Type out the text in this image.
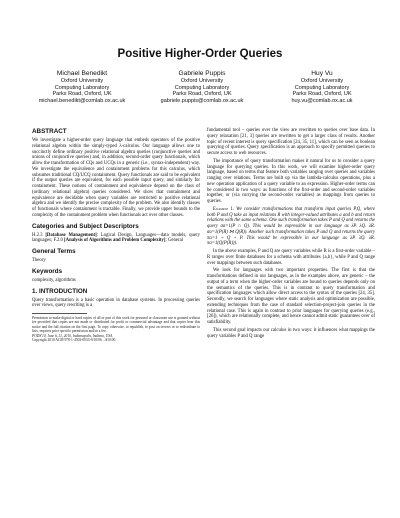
Positive Higher-Order Queries
Michael Benedikt
Oxford University
Computing Laboratory
Parks Road, Oxford, UK
michael.benedikt@comlab.ox.ac.uk
Gabriele Puppis
Oxford University
Computing Laboratory
Parks Road, Oxford, UK
gabriele.puppis@comlab.ox.ac.uk
Huy Vu
Oxford University
Computing Laboratory
Parks Road, Oxford, UK
huy.vu@comlab.ox.ac.uk
ABSTRACT
We investigate a higher-order query language that embeds operators of the positive relational algebra within the simply-typed λ-calculus. Our language allows one to succinctly define ordinary positive relational algebra queries (conjunctive queries and unions of conjunctive queries) and, in addition, second-order query functionals, which allow the transformation of CQs and UCQs in a generic (i.e., syntax-independent) way. We investigate the equivalence and containment problems for this calculus, which subsumes traditional CQ/UCQ containment. Query functionals are said to be equivalent if the output queries are equivalent, for each possible input query, and similarly for containment. These notions of containment and equivalence depend on the class of (ordinary relational algebra) queries considered. We show that containment and equivalence are decidable when query variables are restricted to positive relational algebra and we identify the precise complexity of the problem. We also identify classes of functionals where containment is tractable. Finally, we provide upper bounds to the complexity of the containment problem when functionals act over other classes.
Categories and Subject Descriptors
H.2.3 [Database Management]: Logical Design, Languages—data models, query languages; F.2.0 [Analysis of Algorithms and Problem Complexity]: General
General Terms
Theory
Keywords
complexity, algorithms
1. INTRODUCTION
Query transformation is a basic operation in database systems. In processing queries over views, query rewriting is a
Permission to make digital or hard copies of all or part of this work for personal or classroom use is granted without fee provided that copies are not made or distributed for profit or commercial advantage and that copies bear this notice and the full citation on the first page. To copy otherwise, to republish, to post on servers or to redistribute to lists, requires prior specific permission and/or a fee.
PODS'10, June 6–11, 2010, Indianapolis, Indiana, USA.
Copyright 2010 ACM 978-1-4503-0033-9/10/06 ...$10.00.
fundamental tool – queries over the view are rewritten to queries over base data. In query relaxation [21, 3] queries are rewritten to get a larger class of results. Another topic of recent interest is query specification [24, 35, 11], which can be seen as boolean querying of queries. Query specification is an approach to specify permitted queries to secure access to web resources.
The importance of query transformation makes it natural for us to consider a query language for querying queries. In this work, we will examine higher-order query language, based on terms that feature both variables ranging over queries and variables ranging over relations. Terms are built up via the lambda-calculus operations, plus a new operation application of a query variable to an expression. Higher-order terms can be considered in two ways: as functions of the first-order and second-order variables together, or (via currying the second-order variables) as mappings from queries to queries.
Example 1. We consider transformations that transform input queries P,Q, where both P and Q take as input relations R with integer-valued attributes a and b and return relations with the same schema. One such transformation takes P and Q and returns the query σa=1(P ∩ Q). This would be expressible in our language as λP. λQ. λR. σa=1(P(R) ⋈ Q(R)). Another such transformation takes P and Q and returns the query πa=1 ∘ Q ∘ P. This would be expressible in our language as λP. λQ. λR. πa=1(Q(P(R))).
In the above examples, P and Q are query variables while R is a first-order variable – R ranges over finite databases for a schema with attributes {a,b}, while P and Q range over mappings between such databases.
We look for languages with two important properties. The first is that the transformations defined in our languages, as in the examples above, are generic – the output of a term when the higher-order variables are bound to queries depends only on the semantics of the queries. This is in contrast to query transformation and specification languages which allow direct access to the syntax of the queries [24, 35]. Secondly, we search for languages where static analysis and optimization are possible, extending techniques from the case of standard selection-project-join queries in the relational case. This is again in contrast to prior languages for querying queries (e.g., [26]), which are relationally complete, and hence cannot admit static guarantees over of satisfiability.
This second goal impacts our calculus in two ways: it influences what mappings the query variables P and Q range
